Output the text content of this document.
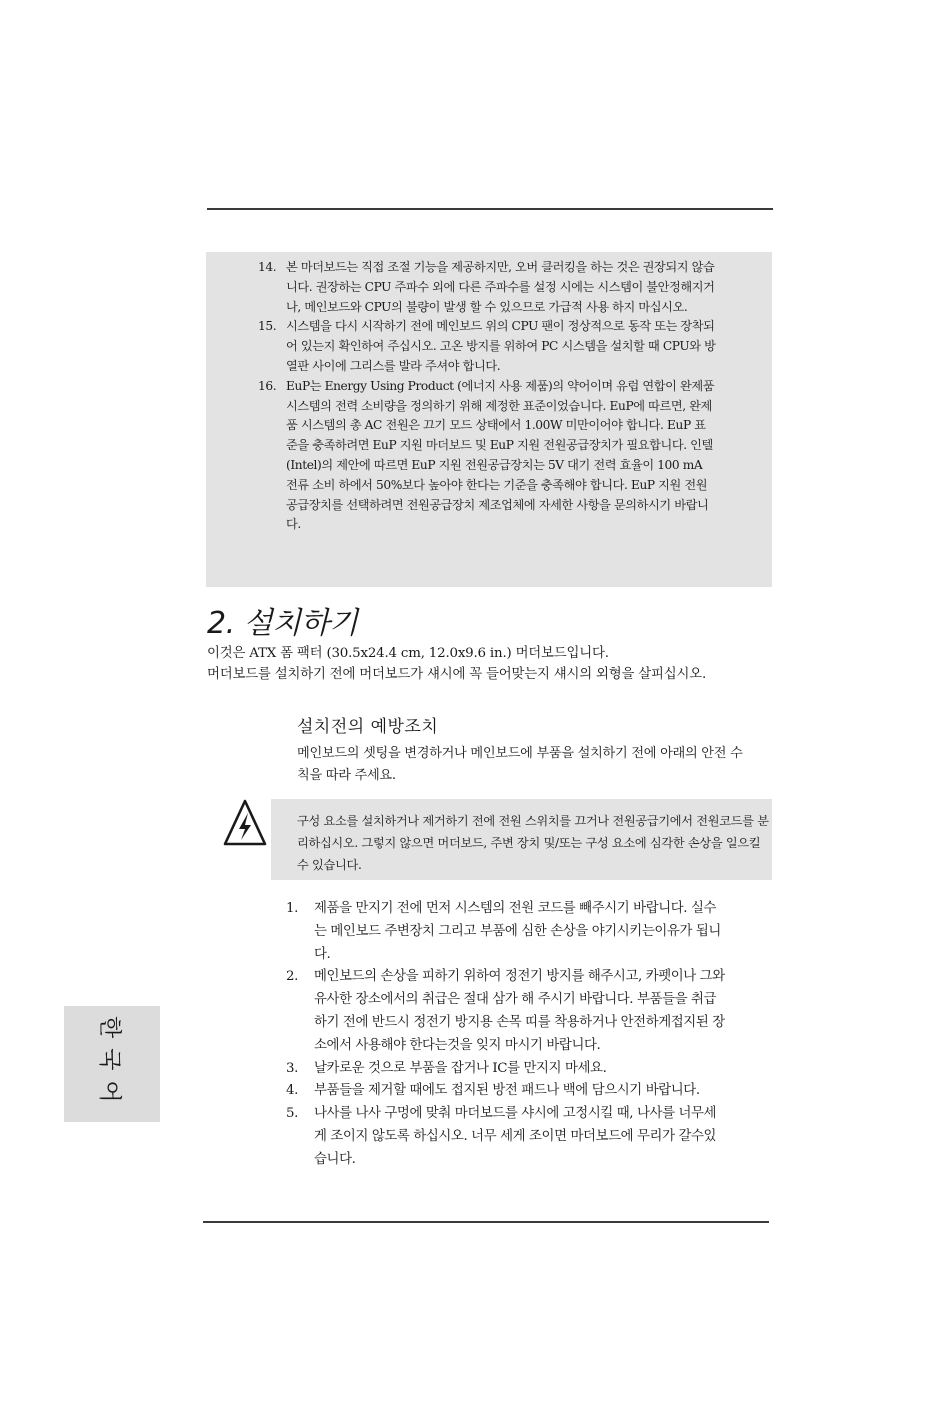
14. 본 마더보드는 직접 조절 기능을 제공하지만, 오버 클러킹을 하는 것은 권장되지 않습니다. 권장하는 CPU 주파수 외에 다른 주파수를 설정 시에는 시스템이 불안정해지거나, 메인보드와 CPU의 불량이 발생 할 수 있으므로 가급적 사용 하지 마십시오.
15. 시스템을 다시 시작하기 전에 메인보드 위의 CPU 팬이 정상적으로 동작 또는 장착되어 있는지 확인하여 주십시오. 고온 방지를 위하여 PC 시스템을 설치할 때 CPU와 방열판 사이에 그리스를 발라 주셔야 합니다.
16. EuP는 Energy Using Product (에너지 사용 제품)의 약어이며 유럽 연합이 완제품 시스템의 전력 소비량을 정의하기 위해 제정한 표준이었습니다. EuP에 따르면, 완제품 시스템의 총 AC 전원은 끄기 모드 상태에서 1.00W 미만이어야 합니다. EuP 표준을 충족하려면 EuP 지원 마더보드 및 EuP 지원 전원공급장치가 필요합니다. 인텔(Intel)의 제안에 따르면 EuP 지원 전원공급장치는 5V 대기 전력 효율이 100 mA 전류 소비 하에서 50%보다 높아야 한다는 기준을 충족해야 합니다. EuP 지원 전원공급장치를 선택하려면 전원공급장치 제조업체에 자세한 사항을 문의하시기 바랍니다.
2. 설치하기

이것은 ATX 폼 팩터 (30.5x24.4 cm, 12.0x9.6 in.) 머더보드입니다.

머더보드를 설치하기 전에 머더보드가 섀시에 꼭 들어맞는지 섀시의 외형을 살피십시오.

설치전의 예방조치
메인보드의 셋팅을 변경하거나 메인보드에 부품을 설치하기 전에 아래의 안전 수칙을 따라 주세요.
구성 요소를 설치하거나 제거하기 전에 전원 스위치를 끄거나 전원공급기에서 전원코드를 분리하십시오. 그렇지 않으면 머더보드, 주변 장치 및/또는 구성 요소에 심각한 손상을 일으킬 수 있습니다.
1. 제품을 만지기 전에 먼저 시스템의 전원 코드를 빼주시기 바랍니다. 실수는 메인보드 주변장치 그리고 부품에 심한 손상을 야기시키는이유가 됩니다.
2. 메인보드의 손상을 피하기 위하여 정전기 방지를 해주시고, 카펫이나 그와 유사한 장소에서의 취급은 절대 삼가 해 주시기 바랍니다. 부품들을 취급하기 전에 반드시 정전기 방지용 손목 띠를 착용하거나 안전하게접지된 장소에서 사용해야 한다는것을 잊지 마시기 바랍니다.
3. 날카로운 것으로 부품을 잡거나 IC를 만지지 마세요.
4. 부품들을 제거할 때에도 접지된 방전 패드나 백에 담으시기 바랍니다.
5. 나사를 나사 구멍에 맞춰 마더보드를 샤시에 고정시킬 때, 나사를 너무세게 조이지 않도록 하십시오. 너무 세게 조이면 마더보드에 무리가 갈수있습니다.
한국어
